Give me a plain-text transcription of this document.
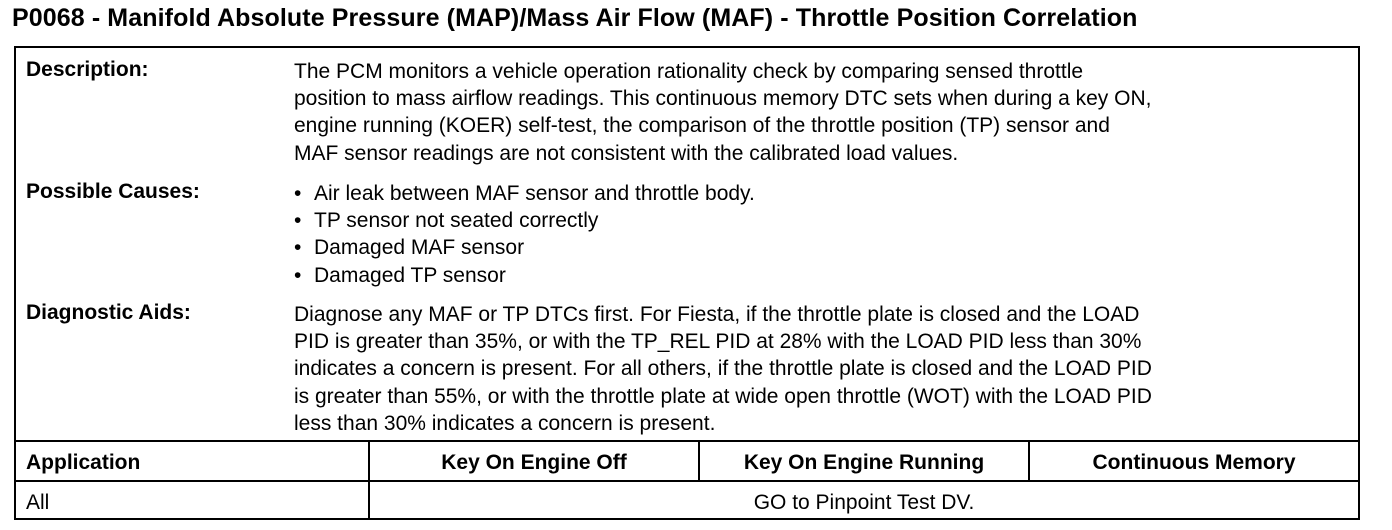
P0068 - Manifold Absolute Pressure (MAP)/Mass Air Flow (MAF) - Throttle Position Correlation
Description:	The PCM monitors a vehicle operation rationality check by comparing sensed throttle
position to mass airflow readings. This continuous memory DTC sets when during a key ON,
engine running (KOER) self-test, the comparison of the throttle position (TP) sensor and
MAF sensor readings are not consistent with the calibrated load values.
Possible Causes:	• Air leak between MAF sensor and throttle body.
• TP sensor not seated correctly
• Damaged MAF sensor
• Damaged TP sensor
Diagnostic Aids:	Diagnose any MAF or TP DTCs first. For Fiesta, if the throttle plate is closed and the LOAD
PID is greater than 35%, or with the TP_REL PID at 28% with the LOAD PID less than 30%
indicates a concern is present. For all others, if the throttle plate is closed and the LOAD PID
is greater than 55%, or with the throttle plate at wide open throttle (WOT) with the LOAD PID
less than 30% indicates a concern is present.
Application	Key On Engine Off	Key On Engine Running	Continuous Memory
All	GO to Pinpoint Test DV.
